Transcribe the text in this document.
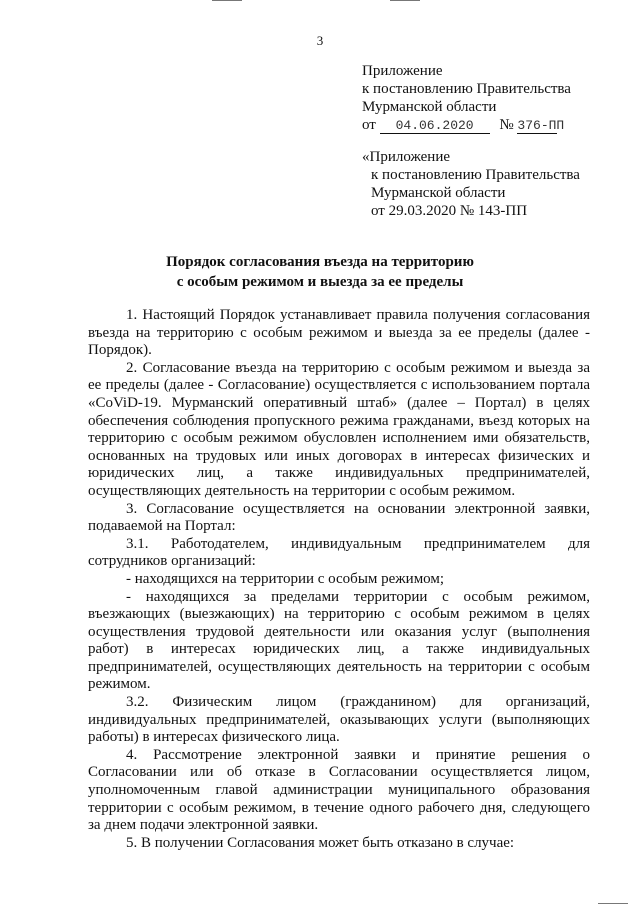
3
Приложение
к постановлению Правительства
Мурманской области
от 04.06.2020 № 376-ПП
«Приложение
к постановлению Правительства
Мурманской области
от 29.03.2020 № 143-ПП
Порядок согласования въезда на территорию
с особым режимом и выезда за ее пределы

1. Настоящий Порядок устанавливает правила получения согласования въезда на территорию с особым режимом и выезда за ее пределы (далее - Порядок).

2. Согласование въезда на территорию с особым режимом и выезда за ее пределы (далее - Согласование) осуществляется с использованием портала «CoViD-19. Мурманский оперативный штаб» (далее – Портал) в целях обеспечения соблюдения пропускного режима гражданами, въезд которых на территорию с особым режимом обусловлен исполнением ими обязательств, основанных на трудовых или иных договорах в интересах физических и юридических лиц, а также индивидуальных предпринимателей, осуществляющих деятельность на территории с особым режимом.

3. Согласование осуществляется на основании электронной заявки, подаваемой на Портал:

3.1. Работодателем, индивидуальным предпринимателем для сотрудников организаций:

- находящихся на территории с особым режимом;

- находящихся за пределами территории с особым режимом, въезжающих (выезжающих) на территорию с особым режимом в целях осуществления трудовой деятельности или оказания услуг (выполнения работ) в интересах юридических лиц, а также индивидуальных предпринимателей, осуществляющих деятельность на территории с особым режимом.

3.2. Физическим лицом (гражданином) для организаций, индивидуальных предпринимателей, оказывающих услуги (выполняющих работы) в интересах физического лица.

4. Рассмотрение электронной заявки и принятие решения о Согласовании или об отказе в Согласовании осуществляется лицом, уполномоченным главой администрации муниципального образования территории с особым режимом, в течение одного рабочего дня, следующего за днем подачи электронной заявки.

5. В получении Согласования может быть отказано в случае:
